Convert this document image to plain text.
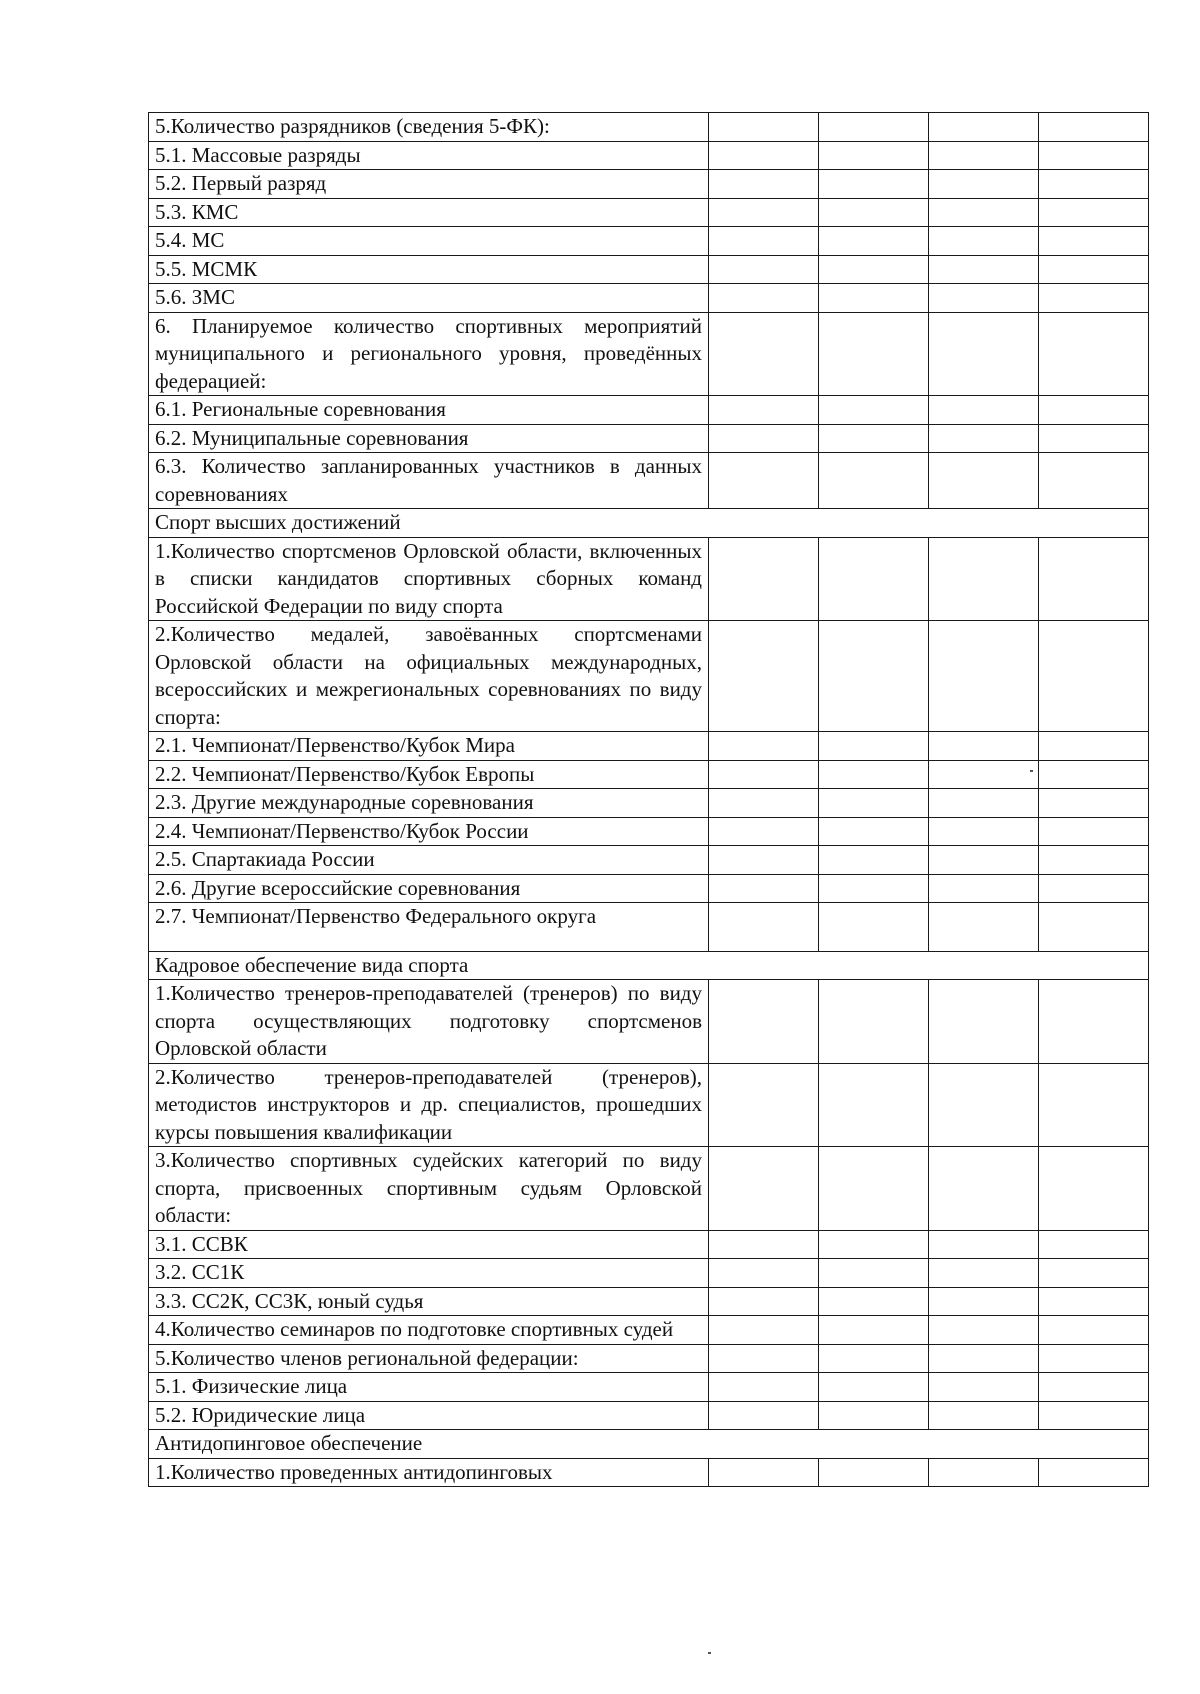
5.Количество разрядников (сведения 5-ФК):				
5.1. Массовые разряды				
5.2. Первый разряд				
5.3. КМС				
5.4. МС				
5.5. МСМК				
5.6. ЗМС				
6. Планируемое количество спортивных мероприятий муниципального и регионального уровня, проведённых федерацией:				
6.1. Региональные соревнования				
6.2. Муниципальные соревнования				
6.3. Количество запланированных участников в данных соревнованиях				
Спорт высших достижений				
1.Количество спортсменов Орловской области, включенных в списки кандидатов спортивных сборных команд Российской Федерации по виду спорта				
2.Количество медалей, завоёванных спортсменами Орловской области на официальных международных, всероссийских и межрегиональных соревнованиях по виду спорта:				
2.1. Чемпионат/Первенство/Кубок Мира				
2.2. Чемпионат/Первенство/Кубок Европы				
2.3. Другие международные соревнования				
2.4. Чемпионат/Первенство/Кубок России				
2.5. Спартакиада России				
2.6. Другие всероссийские соревнования				
2.7. Чемпионат/Первенство Федерального округа				
Кадровое обеспечение вида спорта				
1.Количество тренеров-преподавателей (тренеров) по виду спорта осуществляющих подготовку спортсменов Орловской области				
2.Количество тренеров-преподавателей (тренеров), методистов инструкторов и др. специалистов, прошедших курсы повышения квалификации				
3.Количество спортивных судейских категорий по виду спорта, присвоенных спортивным судьям Орловской области:				
3.1. ССВК				
3.2. СС1К				
3.3. СС2К, СС3К, юный судья				
4.Количество семинаров по подготовке спортивных судей				
5.Количество членов региональной федерации:				
5.1. Физические лица				
5.2. Юридические лица				
Антидопинговое обеспечение				
1.Количество проведенных антидопинговых				
